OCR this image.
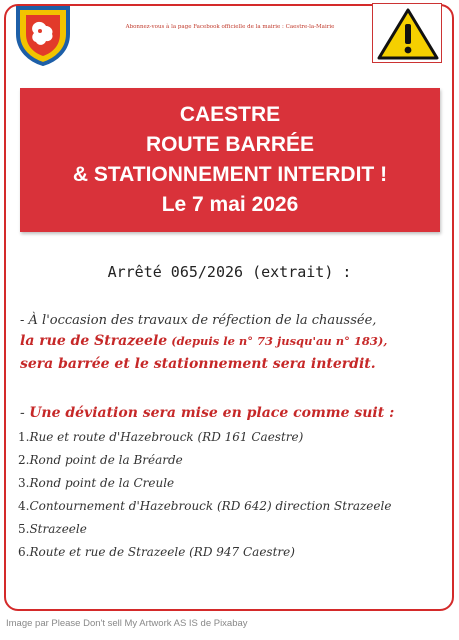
Abonnez-vous à la page Facebook officielle de la mairie : Caestre-la-Mairie
CAESTRE
ROUTE BARRÉE
& STATIONNEMENT INTERDIT !
Le 7 mai 2026
Arrêté 065/2026 (extrait) :
- À l'occasion des travaux de réfection de la chaussée,
la rue de Strazeele (depuis le n° 73 jusqu'au n° 183),
sera barrée et le stationnement sera interdit.
- Une déviation sera mise en place comme suit :
1.Rue et route d'Hazebrouck (RD 161 Caestre)
2.Rond point de la Bréarde
3.Rond point de la Creule
4.Contournement d'Hazebrouck (RD 642) direction Strazeele
5.Strazeele
6.Route et rue de Strazeele (RD 947 Caestre)
Image par Please Don't sell My Artwork AS IS de Pixabay
